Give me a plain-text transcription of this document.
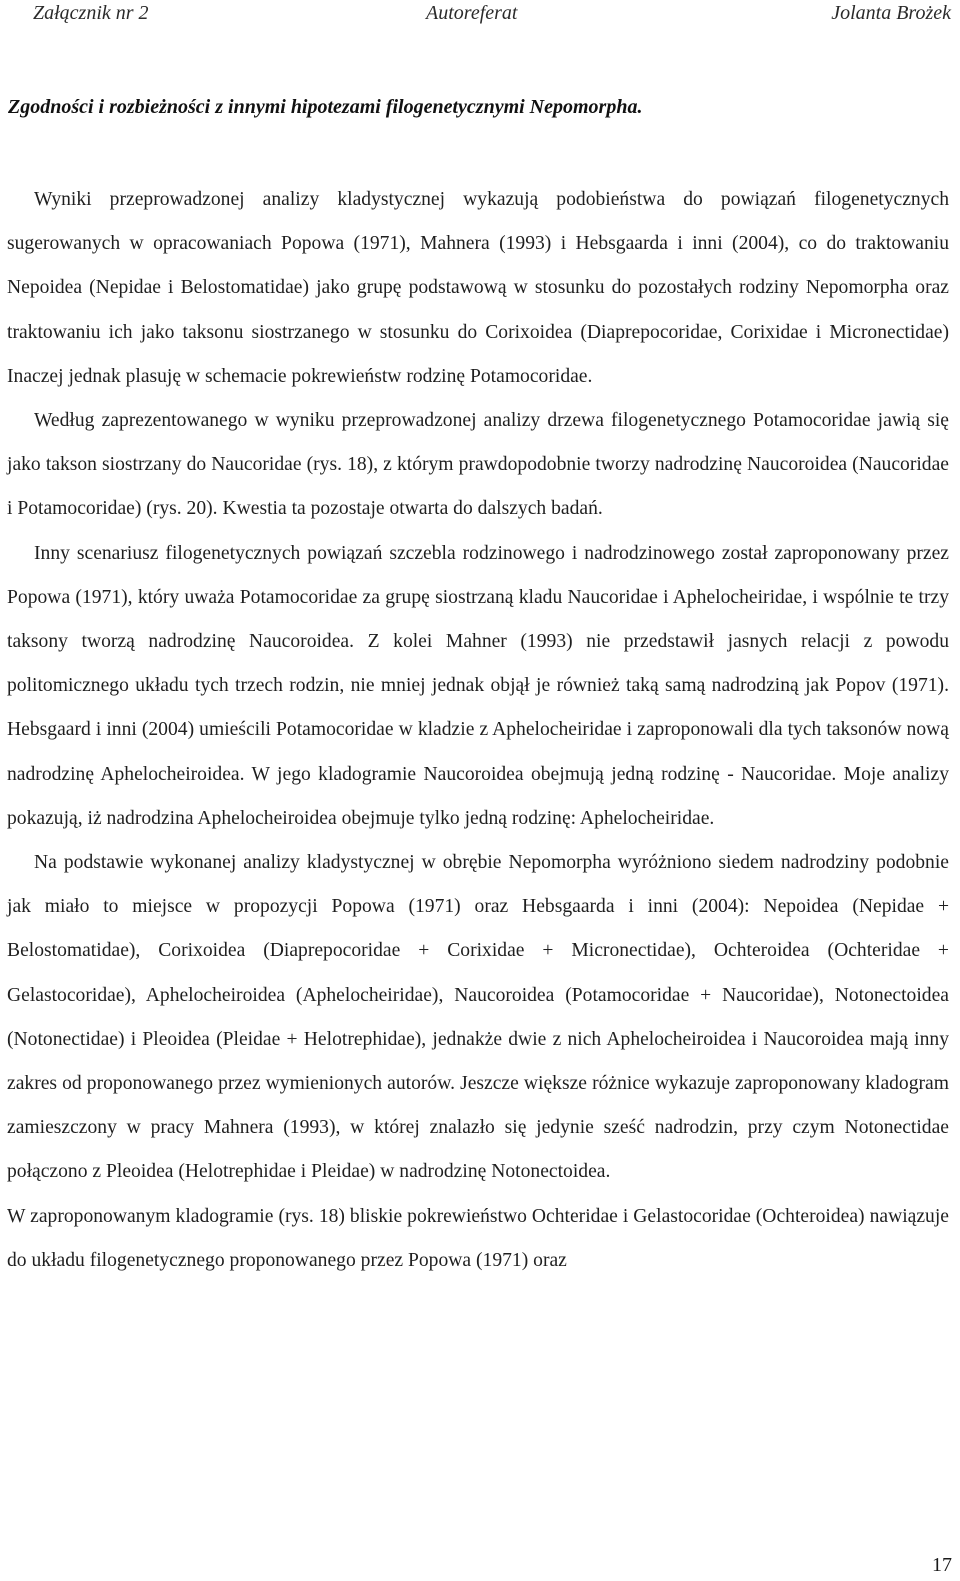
Załącznik nr 2	Autoreferat	Jolanta Brożek
Zgodności i rozbieżności z innymi hipotezami filogenetycznymi Nepomorpha.

Wyniki przeprowadzonej analizy kladystycznej wykazują podobieństwa do powiązań filogenetycznych sugerowanych w opracowaniach Popowa (1971), Mahnera (1993) i Hebsgaarda i inni (2004), co do traktowaniu Nepoidea (Nepidae i Belostomatidae) jako grupę podstawową w stosunku do pozostałych rodziny Nepomorpha oraz traktowaniu ich jako taksonu siostrzanego w stosunku do Corixoidea (Diaprepocoridae, Corixidae i Micronectidae) Inaczej jednak plasuję w schemacie pokrewieństw rodzinę Potamocoridae.

Według zaprezentowanego w wyniku przeprowadzonej analizy drzewa filogenetycznego Potamocoridae jawią się jako takson siostrzany do Naucoridae (rys. 18), z którym prawdopodobnie tworzy nadrodzinę Naucoroidea (Naucoridae i Potamocoridae) (rys. 20). Kwestia ta pozostaje otwarta do dalszych badań.

Inny scenariusz filogenetycznych powiązań szczebla rodzinowego i nadrodzinowego został zaproponowany przez Popowa (1971), który uważa Potamocoridae za grupę siostrzaną kladu Naucoridae i Aphelocheiridae, i wspólnie te trzy taksony tworzą nadrodzinę Naucoroidea. Z kolei Mahner (1993) nie przedstawił jasnych relacji z powodu politomicznego układu tych trzech rodzin, nie mniej jednak objął je również taką samą nadrodziną jak Popov (1971). Hebsgaard i inni (2004) umieścili Potamocoridae w kladzie z Aphelocheiridae i zaproponowali dla tych taksonów nową nadrodzinę Aphelocheiroidea. W jego kladogramie Naucoroidea obejmują jedną rodzinę - Naucoridae. Moje analizy pokazują, iż nadrodzina Aphelocheiroidea obejmuje tylko jedną rodzinę: Aphelocheiridae.

Na podstawie wykonanej analizy kladystycznej w obrębie Nepomorpha wyróżniono siedem nadrodziny podobnie jak miało to miejsce w propozycji Popowa (1971) oraz Hebsgaarda i inni (2004): Nepoidea (Nepidae + Belostomatidae), Corixoidea (Diaprepocoridae + Corixidae + Micronectidae), Ochteroidea (Ochteridae + Gelastocoridae), Aphelocheiroidea (Aphelocheiridae), Naucoroidea (Potamocoridae + Naucoridae), Notonectoidea (Notonectidae) i Pleoidea (Pleidae + Helotrephidae), jednakże dwie z nich Aphelocheiroidea i Naucoroidea mają inny zakres od proponowanego przez wymienionych autorów. Jeszcze większe różnice wykazuje zaproponowany kladogram zamieszczony w pracy Mahnera (1993), w której znalazło się jedynie sześć nadrodzin, przy czym Notonectidae połączono z Pleoidea (Helotrephidae i Pleidae) w nadrodzinę Notonectoidea.

W zaproponowanym kladogramie (rys. 18) bliskie pokrewieństwo Ochteridae i Gelastocoridae (Ochteroidea) nawiązuje do układu filogenetycznego proponowanego przez Popowa (1971) oraz

17
